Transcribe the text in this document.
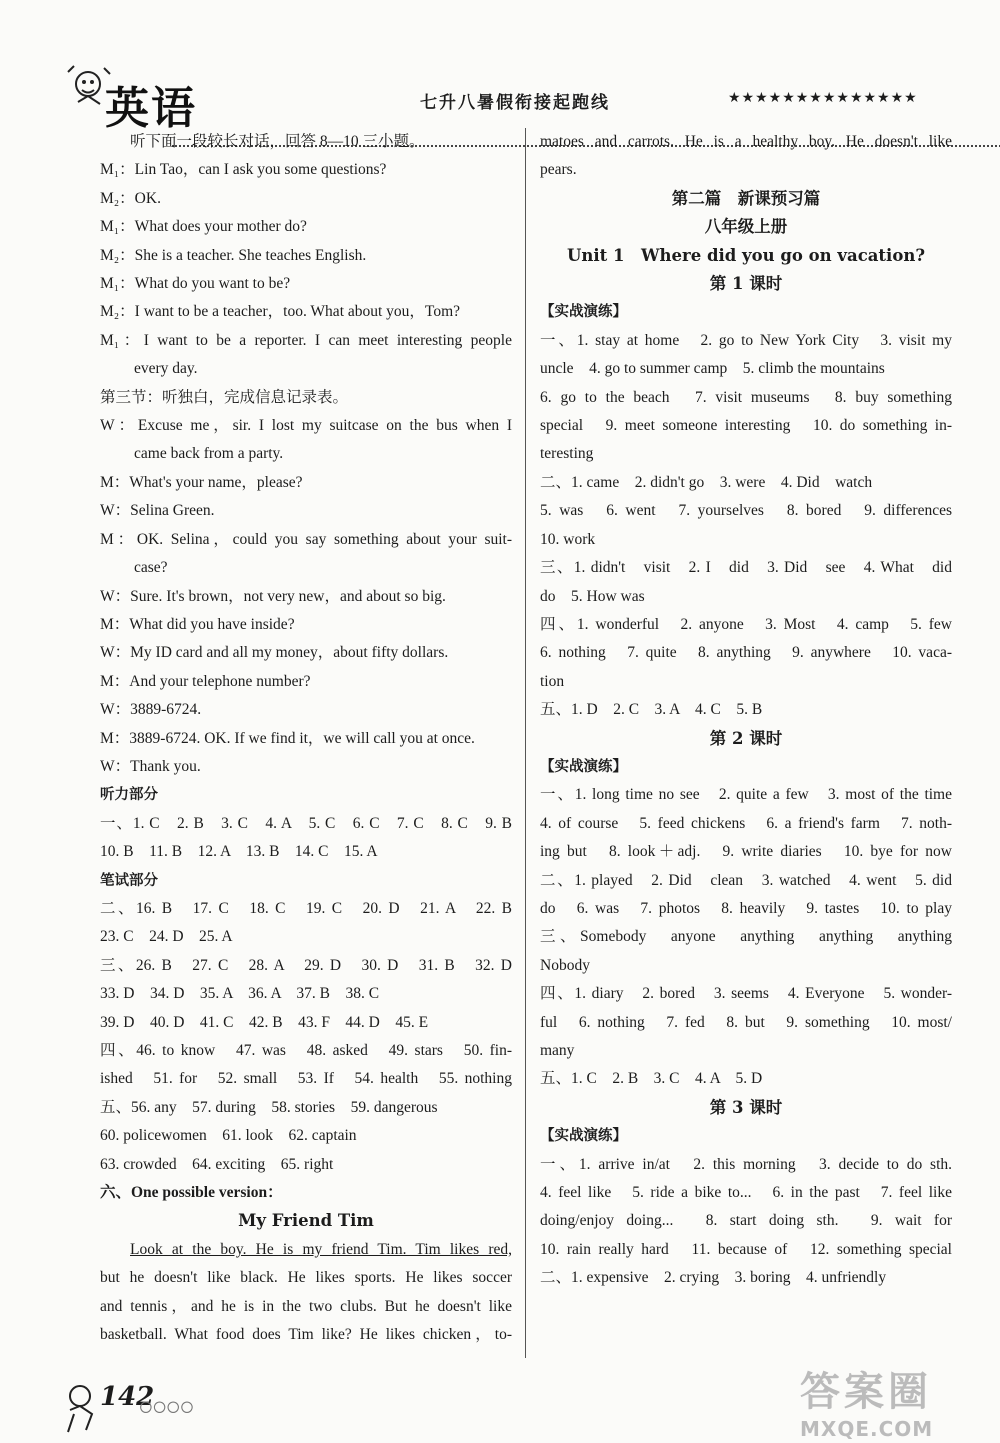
英语	七升八暑假衔接起跑线	★★★★★★★★★★★★★★
听下面一段较长对话，回答 8—10 三小题。
M₁：Lin Tao，can I ask you some questions?
M₂：OK.
M₁：What does your mother do?
M₂：She is a teacher. She teaches English.
M₁：What do you want to be?
M₂：I want to be a teacher，too. What about you，Tom?
M₁：I want to be a reporter. I can meet interesting people
every day.
第三节：听独白，完成信息记录表。
W：Excuse me，sir. I lost my suitcase on the bus when I
came back from a party.
M：What's your name，please?
W：Selina Green.
M：OK. Selina，could you say something about your suit-
case?
W：Sure. It's brown，not very new，and about so big.
M：What did you have inside?
W：My ID card and all my money，about fifty dollars.
M：And your telephone number?
W：3889-6724.
M：3889-6724. OK. If we find it，we will call you at once.
W：Thank you.
听力部分
一、1. C　2. B　3. C　4. A　5. C　6. C　7. C　8. C　9. B
10. B　11. B　12. A　13. B　14. C　15. A
笔试部分
二、16. B　17. C　18. C　19. C　20. D　21. A　22. B
23. C　24. D　25. A
三、26. B　27. C　28. A　29. D　30. D　31. B　32. D
33. D　34. D　35. A　36. A　37. B　38. C
39. D　40. D　41. C　42. B　43. F　44. D　45. E
四、46. to know　47. was　48. asked　49. stars　50. fin-
ished　51. for　52. small　53. If　54. health　55. nothing
五、56. any　57. during　58. stories　59. dangerous
60. policewomen　61. look　62. captain
63. crowded　64. exciting　65. right
六、One possible version：
My Friend Tim
Look at the boy. He is my friend Tim. Tim likes red,
but he doesn't like black. He likes sports. He likes soccer
and tennis，and he is in the two clubs. But he doesn't like
basketball. What food does Tim like? He likes chicken，to-
matoes and carrots. He is a healthy boy. He doesn't like
pears.
第二篇　新课预习篇
八年级上册
Unit 1　Where did you go on vacation?
第 1 课时
【实战演练】
一、1. stay at home　2. go to New York City　3. visit my
uncle　4. go to summer camp　5. climb the mountains
6. go to the beach　7. visit museums　8. buy something
special　9. meet someone interesting　10. do something in-
teresting
二、1. came　2. didn't go　3. were　4. Did　watch
5. was　6. went　7. yourselves　8. bored　9. differences
10. work
三、1. didn't　visit　2. I　did　3. Did　see　4. What　did
do　5. How was
四、1. wonderful　2. anyone　3. Most　4. camp　5. few
6. nothing　7. quite　8. anything　9. anywhere　10. vaca-
tion
五、1. D　2. C　3. A　4. C　5. B
第 2 课时
【实战演练】
一、1. long time no see　2. quite a few　3. most of the time
4. of course　5. feed chickens　6. a friend's farm　7. noth-
ing but　8. look＋adj.　9. write diaries　10. bye for now
二、1. played　2. Did　clean　3. watched　4. went　5. did
do　6. was　7. photos　8. heavily　9. tastes　10. to play
三、Somebody　anyone　anything　anything　anything
Nobody
四、1. diary　2. bored　3. seems　4. Everyone　5. wonder-
ful　6. nothing　7. fed　8. but　9. something　10. most/
many
五、1. C　2. B　3. C　4. A　5. D
第 3 课时
【实战演练】
一、1. arrive in/at　2. this morning　3. decide to do sth.
4. feel like　5. ride a bike to...　6. in the past　7. feel like
doing/enjoy doing...　8. start doing sth.　9. wait for
10. rain really hard　11. because of　12. something special
二、1. expensive　2. crying　3. boring　4. unfriendly
142
○○○○	答案圈
MXQE.COM
